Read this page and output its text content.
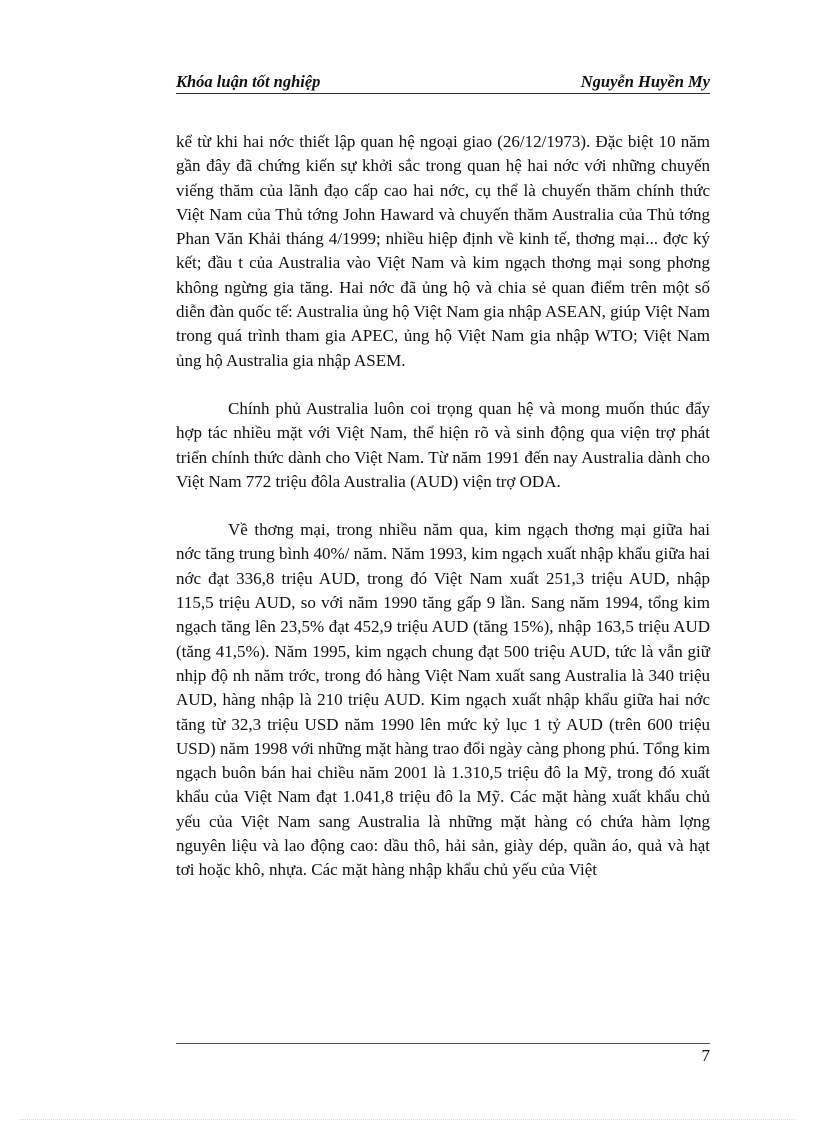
Khóa luận tốt nghiệp	Nguyễn Huyền My

kể từ khi hai nớc thiết lập quan hệ ngoại giao (26/12/1973). Đặc biệt 10 năm gần đây đã chứng kiến sự khởi sắc trong quan hệ hai nớc với những chuyến viếng thăm của lãnh đạo cấp cao hai nớc, cụ thể là chuyến thăm chính thức Việt Nam của Thủ tớng John Haward và chuyến thăm Australia của Thủ tớng Phan Văn Khải tháng 4/1999; nhiều hiệp định về kinh tế, thơng mại... đợc ký kết; đầu t của Australia vào Việt Nam và kim ngạch thơng mại song phơng không ngừng gia tăng. Hai nớc đã ủng hộ và chia sẻ quan điểm trên một số diễn đàn quốc tế: Australia ủng hộ Việt Nam gia nhập ASEAN, giúp Việt Nam trong quá trình tham gia APEC, ủng hộ Việt Nam gia nhập WTO; Việt Nam ủng hộ Australia gia nhập ASEM.

Chính phủ Australia luôn coi trọng quan hệ và mong muốn thúc đẩy hợp tác nhiều mặt với Việt Nam, thể hiện rõ và sinh động qua viện trợ phát triển chính thức dành cho Việt Nam. Từ năm 1991 đến nay Australia dành cho Việt Nam 772 triệu đôla Australia (AUD) viện trợ ODA.

Về thơng mại, trong nhiều năm qua, kim ngạch thơng mại giữa hai nớc tăng trung bình 40%/ năm. Năm 1993, kim ngạch xuất nhập khẩu giữa hai nớc đạt 336,8 triệu AUD, trong đó Việt Nam xuất 251,3 triệu AUD, nhập 115,5 triệu AUD, so với năm 1990 tăng gấp 9 lần. Sang năm 1994, tổng kim ngạch tăng lên 23,5% đạt 452,9 triệu AUD (tăng 15%), nhập 163,5 triệu AUD (tăng 41,5%). Năm 1995, kim ngạch chung đạt 500 triệu AUD, tức là vẫn giữ nhịp độ nh năm trớc, trong đó hàng Việt Nam xuất sang Australia là 340 triệu AUD, hàng nhập là 210 triệu AUD. Kim ngạch xuất nhập khẩu giữa hai nớc tăng từ 32,3 triệu USD năm 1990 lên mức kỷ lục 1 tỷ AUD (trên 600 triệu USD) năm 1998 với những mặt hàng trao đổi ngày càng phong phú. Tổng kim ngạch buôn bán hai chiều năm 2001 là 1.310,5 triệu đô la Mỹ, trong đó xuất khẩu của Việt Nam đạt 1.041,8 triệu đô la Mỹ. Các mặt hàng xuất khẩu chủ yếu của Việt Nam sang Australia là những mặt hàng có chứa hàm lợng nguyên liệu và lao động cao: dầu thô, hải sản, giày dép, quần áo, quả và hạt tơi hoặc khô, nhựa. Các mặt hàng nhập khẩu chủ yếu của Việt

7
